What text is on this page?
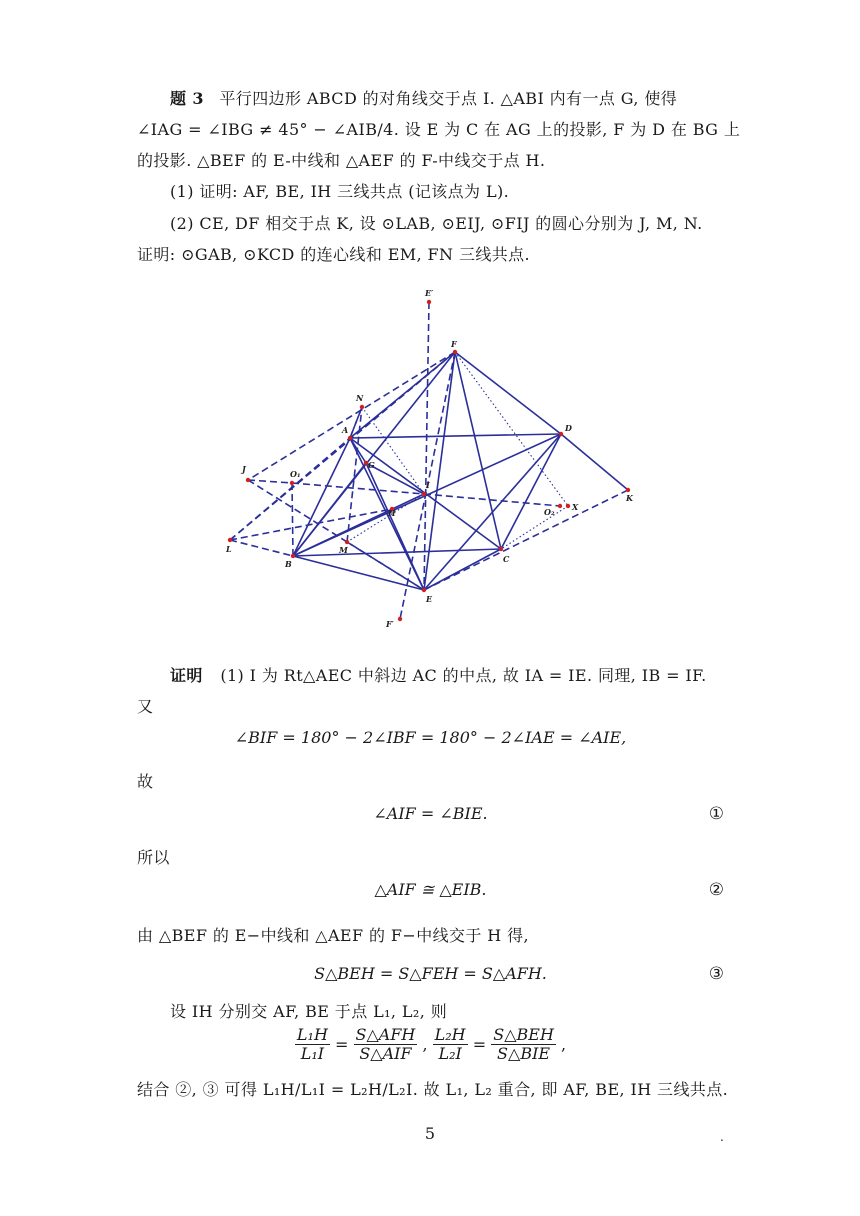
题 3 平行四边形 ABCD 的对角线交于点 I. △ABI 内有一点 G, 使得
∠IAG = ∠IBG ≠ 45° − ∠AIB/4. 设 E 为 C 在 AG 上的投影, F 为 D 在 BG 上
的投影. △BEF 的 E-中线和 △AEF 的 F-中线交于点 H.
(1) 证明: AF, BE, IH 三线共点 (记该点为 L).
(2) CE, DF 相交于点 K, 设 ⊙LAB, ⊙EIJ, ⊙FIJ 的圆心分别为 J, M, N.
证明: ⊙GAB, ⊙KCD 的连心线和 EM, FN 三线共点.
E′
F
N
A	D
G
J	O₁
I
H	O₂ X
K
L	M
B	C
E
F′
证明 (1) I 为 Rt△AEC 中斜边 AC 的中点, 故 IA = IE. 同理, IB = IF.
又
∠BIF = 180° − 2∠IBF = 180° − 2∠IAE = ∠AIE,
故
∠AIF = ∠BIE.	①
所以
△AIF ≅ △EIB.	②
由 △BEF 的 E−中线和 △AEF 的 F−中线交于 H 得,
S△BEH = S△FEH = S△AFH.	③
设 IH 分别交 AF, BE 于点 L₁, L₂, 则
$\frac{\text{L₁H}}{\text{L₁I}} = \frac{\text{S△AFH}}{\text{S△AIF}}$ , $\frac{\text{L₂H}}{\text{L₂I}} = \frac{\text{S△BEH}}{\text{S△BIE}}$ ,
结合 ②, ③ 可得 L₁H/L₁I = L₂H/L₂I. 故 L₁, L₂ 重合, 即 AF, BE, IH 三线共点.
5	.
